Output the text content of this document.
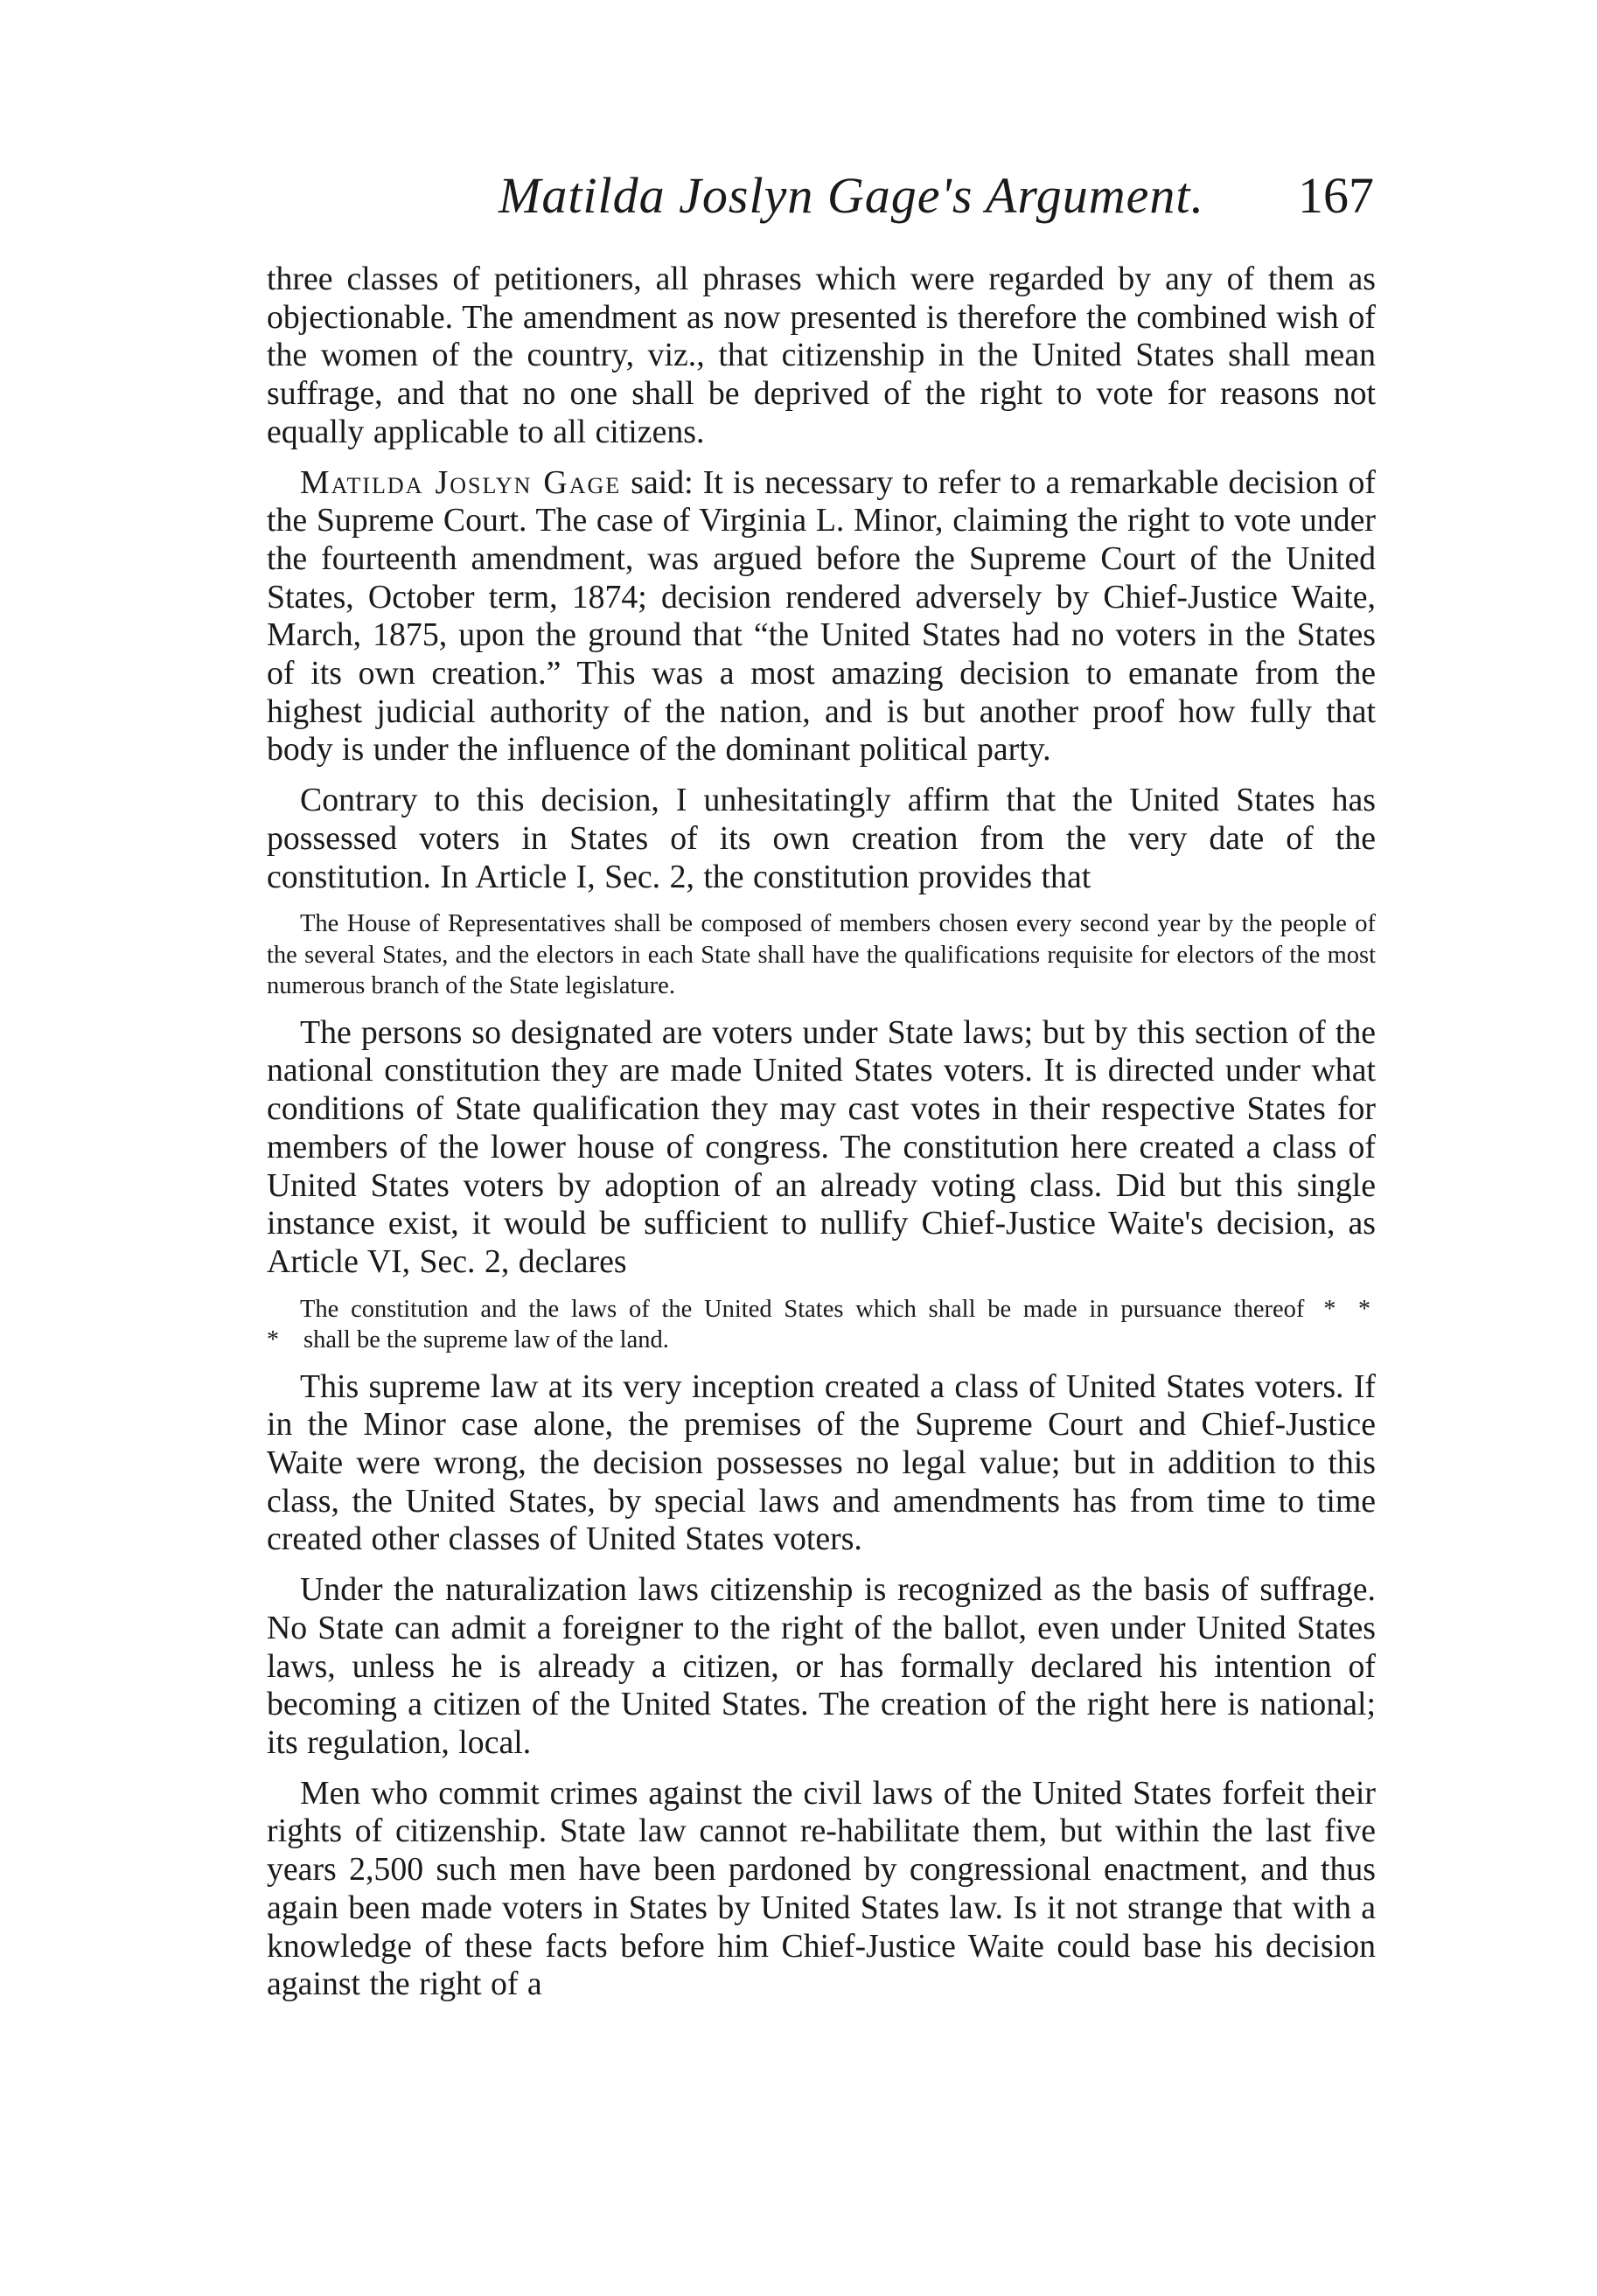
Matilda Joslyn Gage's Argument. 167

three classes of petitioners, all phrases which were regarded by any of them as objectionable. The amendment as now presented is therefore the combined wish of the women of the country, viz., that citizenship in the United States shall mean suffrage, and that no one shall be deprived of the right to vote for reasons not equally applicable to all citizens.

Matilda Joslyn Gage said: It is necessary to refer to a remarkable decision of the Supreme Court. The case of Virginia L. Minor, claiming the right to vote under the fourteenth amendment, was argued before the Supreme Court of the United States, October term, 1874; decision rendered adversely by Chief-Justice Waite, March, 1875, upon the ground that “the United States had no voters in the States of its own creation.” This was a most amazing decision to emanate from the highest judicial authority of the nation, and is but another proof how fully that body is under the influence of the dominant political party.

Contrary to this decision, I unhesitatingly affirm that the United States has possessed voters in States of its own creation from the very date of the constitution. In Article I, Sec. 2, the constitution provides that

The House of Representatives shall be composed of members chosen every second year by the people of the several States, and the electors in each State shall have the qualifications requisite for electors of the most numerous branch of the State legislature.

The persons so designated are voters under State laws; but by this section of the national constitution they are made United States voters. It is directed under what conditions of State qualification they may cast votes in their respective States for members of the lower house of congress. The constitution here created a class of United States voters by adoption of an already voting class. Did but this single instance exist, it would be sufficient to nullify Chief-Justice Waite's decision, as Article VI, Sec. 2, declares

The constitution and the laws of the United States which shall be made in pursuance thereof * * * shall be the supreme law of the land.

This supreme law at its very inception created a class of United States voters. If in the Minor case alone, the premises of the Supreme Court and Chief-Justice Waite were wrong, the decision possesses no legal value; but in addition to this class, the United States, by special laws and amendments has from time to time created other classes of United States voters.

Under the naturalization laws citizenship is recognized as the basis of suffrage. No State can admit a foreigner to the right of the ballot, even under United States laws, unless he is already a citizen, or has formally declared his intention of becoming a citizen of the United States. The creation of the right here is national; its regulation, local.

Men who commit crimes against the civil laws of the United States forfeit their rights of citizenship. State law cannot re-habilitate them, but within the last five years 2,500 such men have been pardoned by congressional enactment, and thus again been made voters in States by United States law. Is it not strange that with a knowledge of these facts before him Chief-Justice Waite could base his decision against the right of a
